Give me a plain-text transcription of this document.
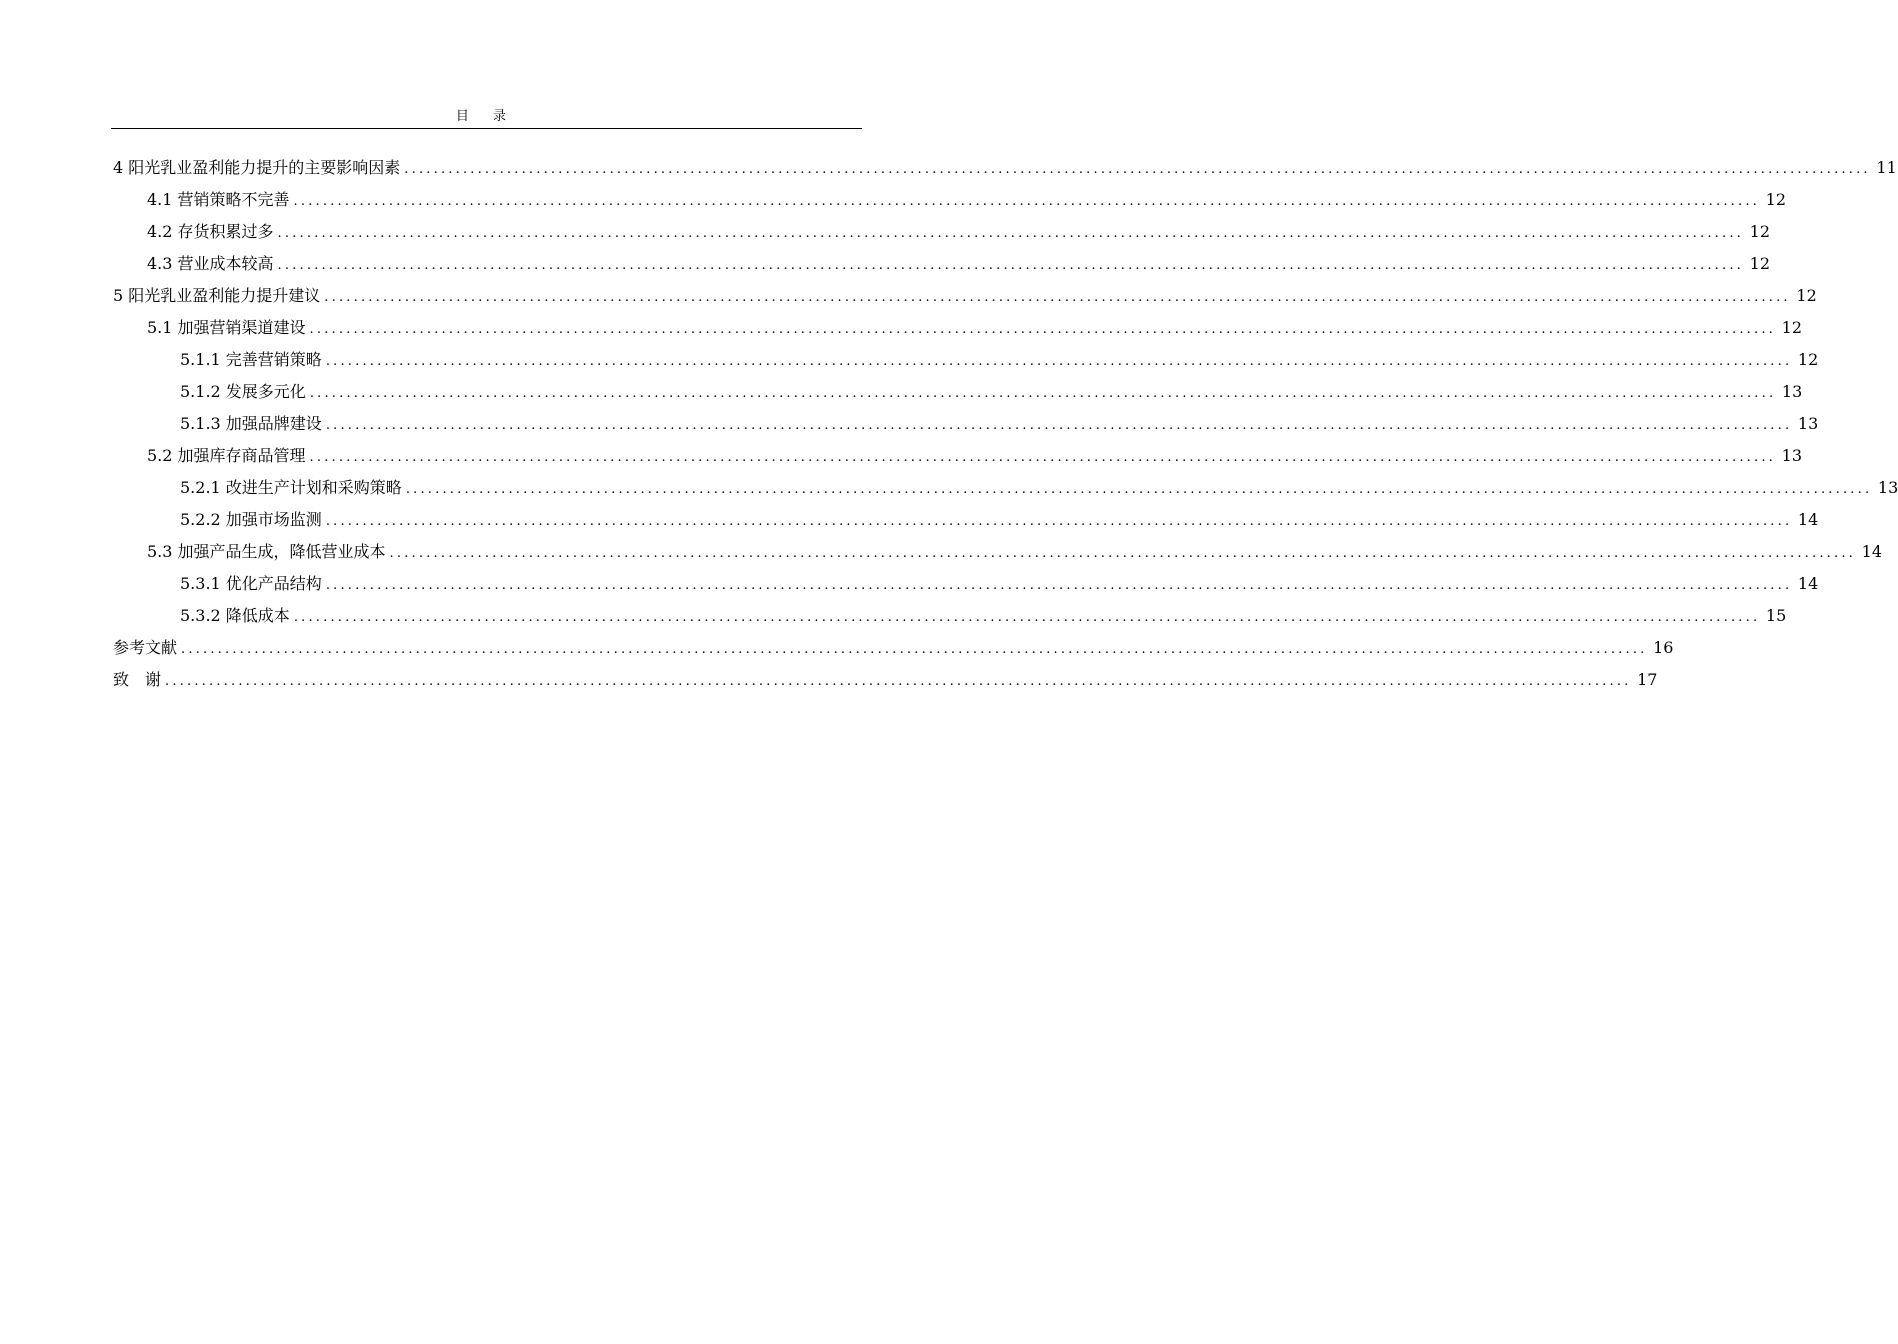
目 录
4 阳光乳业盈利能力提升的主要影响因素 ........................................................................................................................................................................................................ 11
4.1 营销策略不完善 ........................................................................................................................................................................................................ 12
4.2 存货积累过多 ........................................................................................................................................................................................................ 12
4.3 营业成本较高 ........................................................................................................................................................................................................ 12
5 阳光乳业盈利能力提升建议 ........................................................................................................................................................................................................ 12
5.1 加强营销渠道建设 ........................................................................................................................................................................................................ 12
5.1.1 完善营销策略 ........................................................................................................................................................................................................ 12
5.1.2 发展多元化 ........................................................................................................................................................................................................ 13
5.1.3 加强品牌建设 ........................................................................................................................................................................................................ 13
5.2 加强库存商品管理 ........................................................................................................................................................................................................ 13
5.2.1 改进生产计划和采购策略 ........................................................................................................................................................................................................ 13
5.2.2 加强市场监测 ........................................................................................................................................................................................................ 14
5.3 加强产品生成，降低营业成本 ........................................................................................................................................................................................................ 14
5.3.1 优化产品结构 ........................................................................................................................................................................................................ 14
5.3.2 降低成本 ........................................................................................................................................................................................................ 15
参考文献 ........................................................................................................................................................................................................ 16
致　谢 ........................................................................................................................................................................................................ 17
